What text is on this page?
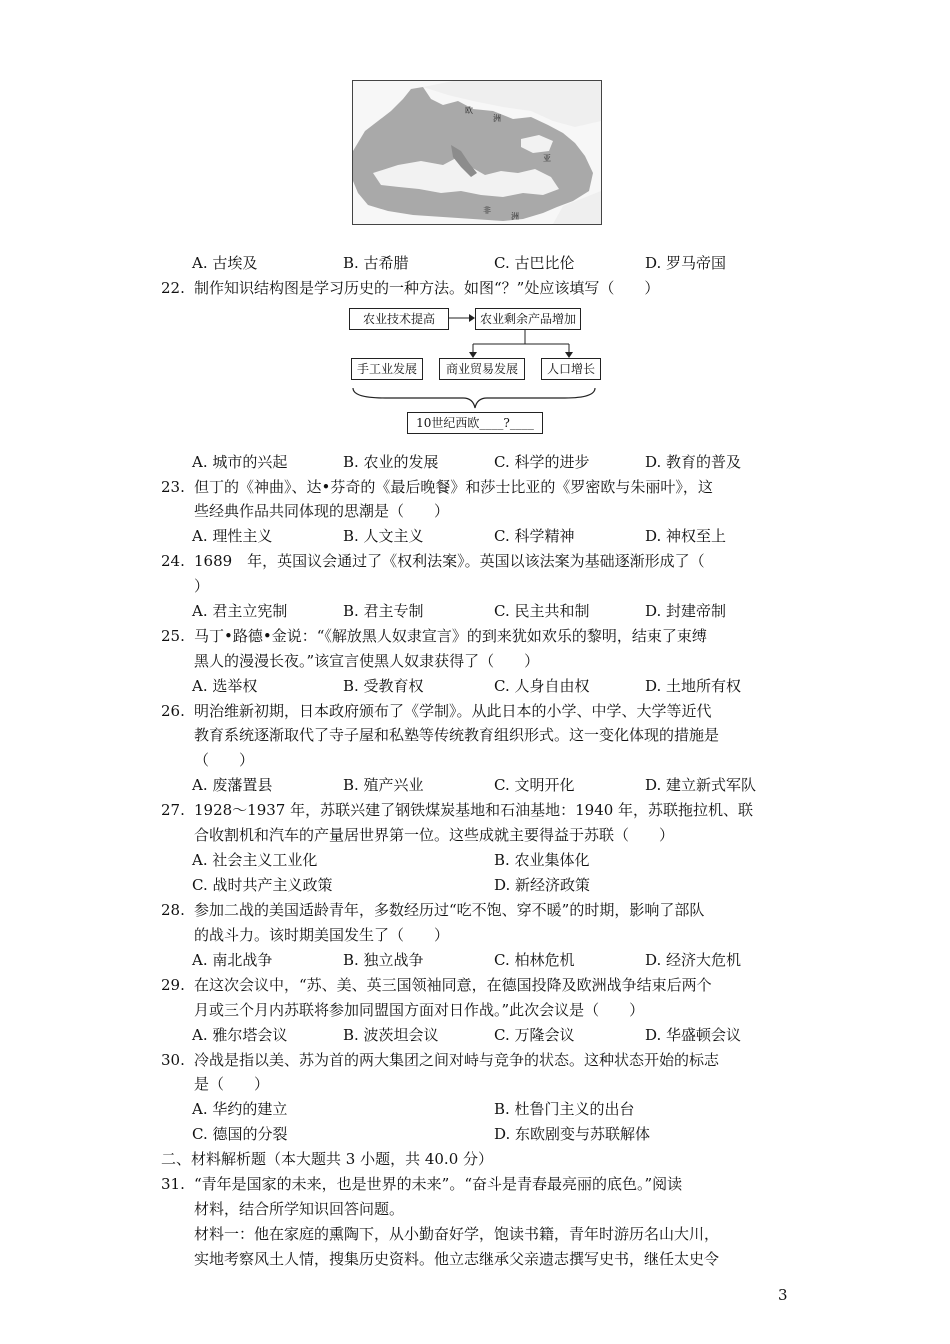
欧
洲
亚
非
洲
A. 古埃及	B. 古希腊	C. 古巴比伦	D. 罗马帝国
22. 制作知识结构图是学习历史的一种方法。如图“？”处应该填写（　　）
农业技术提高	农业剩余产品增加
手工业发展	商业贸易发展	人口增长
10世纪西欧____?____
A. 城市的兴起	B. 农业的发展	C. 科学的进步	D. 教育的普及
23. 但丁的《神曲》、达•芬奇的《最后晚餐》和莎士比亚的《罗密欧与朱丽叶》，这
些经典作品共同体现的思潮是（　　）
A. 理性主义	B. 人文主义	C. 科学精神	D. 神权至上
24. 1689　年，英国议会通过了《权利法案》。英国以该法案为基础逐渐形成了（
）
A. 君主立宪制	B. 君主专制	C. 民主共和制	D. 封建帝制
25. 马丁•路德•金说：“《解放黑人奴隶宣言》的到来犹如欢乐的黎明，结束了束缚
黑人的漫漫长夜。”该宣言使黑人奴隶获得了（　　）
A. 选举权	B. 受教育权	C. 人身自由权	D. 土地所有权
26. 明治维新初期，日本政府颁布了《学制》。从此日本的小学、中学、大学等近代
教育系统逐渐取代了寺子屋和私塾等传统教育组织形式。这一变化体现的措施是
（　　）
A. 废藩置县	B. 殖产兴业	C. 文明开化	D. 建立新式军队
27. 1928～1937 年，苏联兴建了钢铁煤炭基地和石油基地：1940 年，苏联拖拉机、联
合收割机和汽车的产量居世界第一位。这些成就主要得益于苏联（　　）
A. 社会主义工业化	B. 农业集体化
C. 战时共产主义政策	D. 新经济政策
28. 参加二战的美国适龄青年，多数经历过“吃不饱、穿不暖”的时期，影响了部队
的战斗力。该时期美国发生了（　　）
A. 南北战争	B. 独立战争	C. 柏林危机	D. 经济大危机
29. 在这次会议中，“苏、美、英三国领袖同意，在德国投降及欧洲战争结束后两个
月或三个月内苏联将参加同盟国方面对日作战。”此次会议是（　　）
A. 雅尔塔会议	B. 波茨坦会议	C. 万隆会议	D. 华盛顿会议
30. 冷战是指以美、苏为首的两大集团之间对峙与竞争的状态。这种状态开始的标志
是（　　）
A. 华约的建立	B. 杜鲁门主义的出台
C. 德国的分裂	D. 东欧剧变与苏联解体
二、材料解析题（本大题共 3 小题，共 40.0 分）
31. “青年是国家的未来，也是世界的未来”。“奋斗是青春最亮丽的底色。”阅读
材料，结合所学知识回答问题。
材料一：他在家庭的熏陶下，从小勤奋好学，饱读书籍，青年时游历名山大川，
实地考察风土人情，搜集历史资料。他立志继承父亲遗志撰写史书，继任太史令
3
